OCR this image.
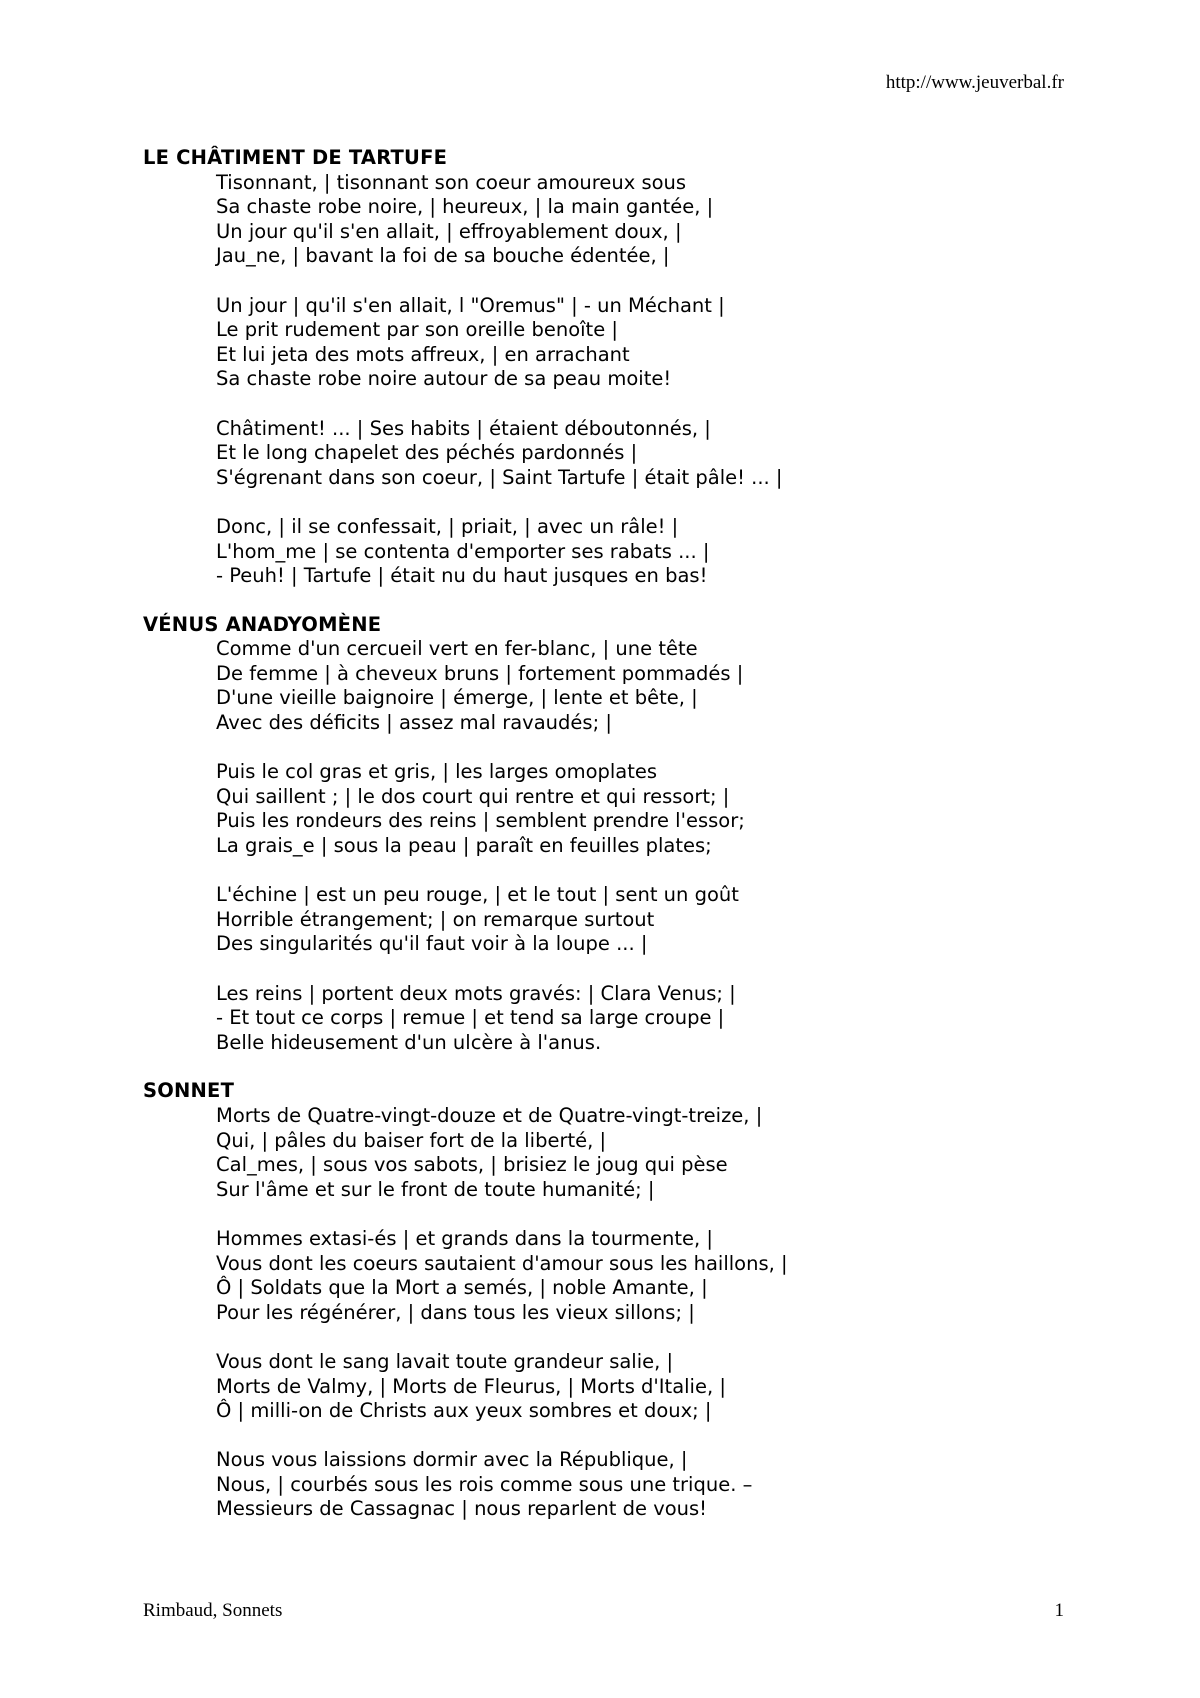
http://www.jeuverbal.fr
LE CHÂTIMENT DE TARTUFE
Tisonnant, | tisonnant son coeur amoureux sous
Sa chaste robe noire, | heureux, | la main gantée, |
Un jour qu'il s'en allait, | effroyablement doux, |
Jau_ne, | bavant la foi de sa bouche édentée, |
Un jour | qu'il s'en allait, l "Oremus" | - un Méchant |
Le prit rudement par son oreille benoîte |
Et lui jeta des mots affreux, | en arrachant
Sa chaste robe noire autour de sa peau moite!
Châtiment! ... | Ses habits | étaient déboutonnés, |
Et le long chapelet des péchés pardonnés |
S'égrenant dans son coeur, | Saint Tartufe | était pâle! ... |
Donc, | il se confessait, | priait, | avec un râle! |
L'hom_me | se contenta d'emporter ses rabats ... |
- Peuh! | Tartufe | était nu du haut jusques en bas!
VÉNUS ANADYOMÈNE
Comme d'un cercueil vert en fer-blanc, | une tête
De femme | à cheveux bruns | fortement pommadés |
D'une vieille baignoire | émerge, | lente et bête, |
Avec des déficits | assez mal ravaudés; |
Puis le col gras et gris, | les larges omoplates
Qui saillent ; | le dos court qui rentre et qui ressort; |
Puis les rondeurs des reins | semblent prendre l'essor;
La grais_e | sous la peau | paraît en feuilles plates;
L'échine | est un peu rouge, | et le tout | sent un goût
Horrible étrangement; | on remarque surtout
Des singularités qu'il faut voir à la loupe ... |
Les reins | portent deux mots gravés: | Clara Venus; |
- Et tout ce corps | remue | et tend sa large croupe |
Belle hideusement d'un ulcère à l'anus.
SONNET
Morts de Quatre-vingt-douze et de Quatre-vingt-treize, |
Qui, | pâles du baiser fort de la liberté, |
Cal_mes, | sous vos sabots, | brisiez le joug qui pèse
Sur l'âme et sur le front de toute humanité; |
Hommes extasi-és | et grands dans la tourmente, |
Vous dont les coeurs sautaient d'amour sous les haillons, |
Ô | Soldats que la Mort a semés, | noble Amante, |
Pour les régénérer, | dans tous les vieux sillons; |
Vous dont le sang lavait toute grandeur salie, |
Morts de Valmy, | Morts de Fleurus, | Morts d'Italie, |
Ô | milli-on de Christs aux yeux sombres et doux; |
Nous vous laissions dormir avec la République, |
Nous, | courbés sous les rois comme sous une trique. –
Messieurs de Cassagnac | nous reparlent de vous!
Rimbaud, Sonnets	1
